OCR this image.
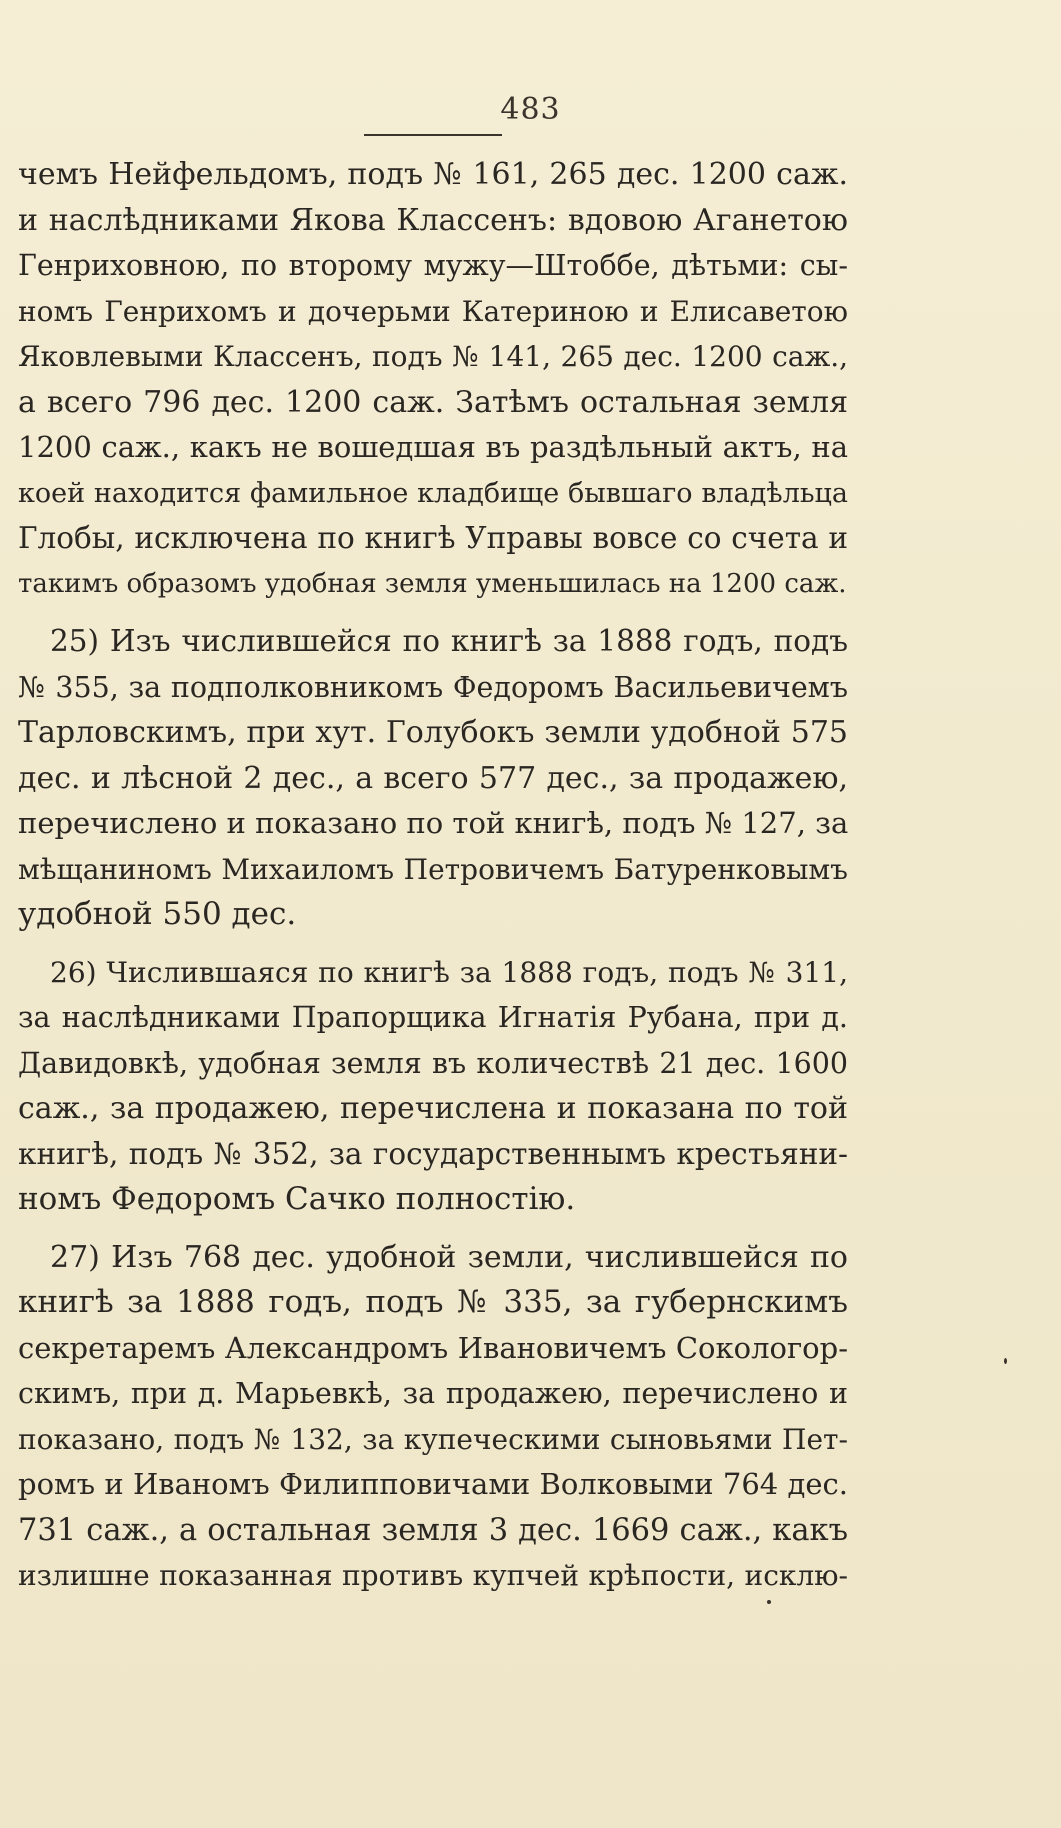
483
чемъ Нейфельдомъ, подъ № 161, 265 дес. 1200 саж.
и наслѣдниками Якова Классенъ: вдовою Аганетою
Генриховною, по второму мужу—Штоббе, дѣтьми: сы-
номъ Генрихомъ и дочерьми Катериною и Елисаветою
Яковлевыми Классенъ, подъ № 141, 265 дес. 1200 саж.,
а всего 796 дес. 1200 саж. Затѣмъ остальная земля
1200 саж., какъ не вошедшая въ раздѣльный актъ, на
коей находится фамильное кладбище бывшаго владѣльца
Глобы, исключена по книгѣ Управы вовсе со счета и
такимъ образомъ удобная земля уменьшилась на 1200 саж.
25) Изъ числившейся по книгѣ за 1888 годъ, подъ
№ 355, за подполковникомъ Федоромъ Васильевичемъ
Тарловскимъ, при хут. Голубокъ земли удобной 575
дес. и лѣсной 2 дес., а всего 577 дес., за продажею,
перечислено и показано по той книгѣ, подъ № 127, за
мѣщаниномъ Михаиломъ Петровичемъ Батуренковымъ
удобной 550 дес.
26) Числившаяся по книгѣ за 1888 годъ, подъ № 311,
за наслѣдниками Прапорщика Игнатія Рубана, при д.
Давидовкѣ, удобная земля въ количествѣ 21 дес. 1600
саж., за продажею, перечислена и показана по той
книгѣ, подъ № 352, за государственнымъ крестьяни-
номъ Федоромъ Сачко полностію.
27) Изъ 768 дес. удобной земли, числившейся по
книгѣ за 1888 годъ, подъ № 335, за губернскимъ
секретаремъ Александромъ Ивановичемъ Сокологор-
скимъ, при д. Марьевкѣ, за продажею, перечислено и
показано, подъ № 132, за купеческими сыновьями Пет-
ромъ и Иваномъ Филипповичами Волковыми 764 дес.
731 саж., а остальная земля 3 дес. 1669 саж., какъ
излишне показанная противъ купчей крѣпости, исклю-
